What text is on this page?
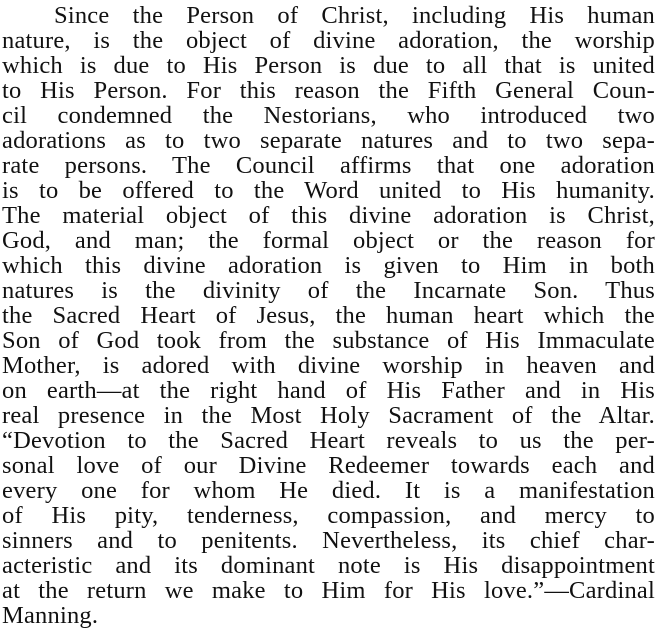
Since the Person of Christ, including His human
nature, is the object of divine adoration, the worship
which is due to His Person is due to all that is united
to His Person. For this reason the Fifth General Coun-
cil condemned the Nestorians, who introduced two
adorations as to two separate natures and to two sepa-
rate persons. The Council affirms that one adoration
is to be offered to the Word united to His humanity.
The material object of this divine adoration is Christ,
God, and man; the formal object or the reason for
which this divine adoration is given to Him in both
natures is the divinity of the Incarnate Son. Thus
the Sacred Heart of Jesus, the human heart which the
Son of God took from the substance of His Immaculate
Mother, is adored with divine worship in heaven and
on earth—at the right hand of His Father and in His
real presence in the Most Holy Sacrament of the Altar.
“Devotion to the Sacred Heart reveals to us the per-
sonal love of our Divine Redeemer towards each and
every one for whom He died. It is a manifestation
of His pity, tenderness, compassion, and mercy to
sinners and to penitents. Nevertheless, its chief char-
acteristic and its dominant note is His disappointment
at the return we make to Him for His love.”—Cardinal
Manning.
